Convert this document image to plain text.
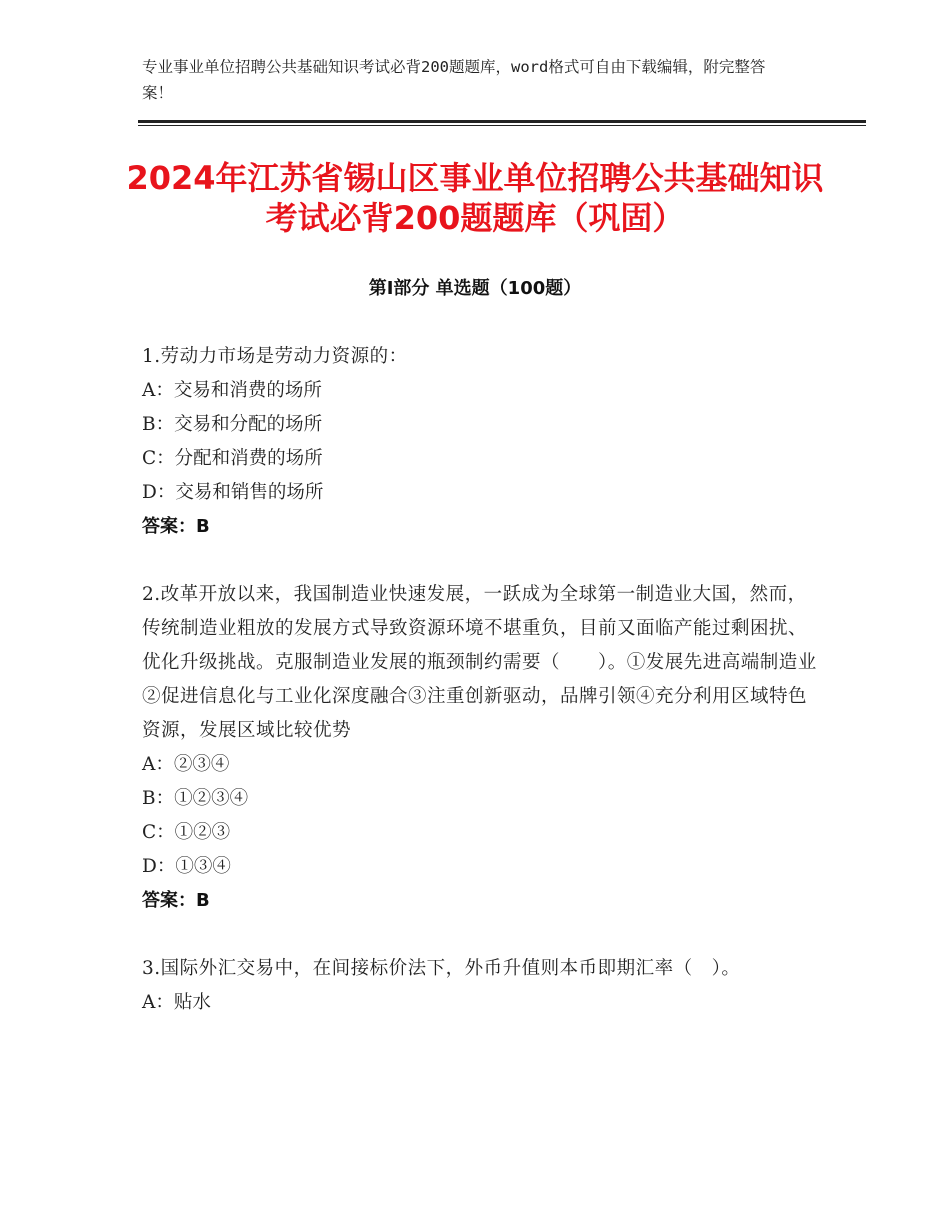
专业事业单位招聘公共基础知识考试必背200题题库，word格式可自由下载编辑，附完整答案！
2024年江苏省锡山区事业单位招聘公共基础知识考试必背200题题库（巩固）
第Ⅰ部分 单选题（100题）
1.劳动力市场是劳动力资源的：
A：交易和消费的场所
B：交易和分配的场所
C：分配和消费的场所
D：交易和销售的场所
答案：B
2.改革开放以来，我国制造业快速发展，一跃成为全球第一制造业大国，然而，传统制造业粗放的发展方式导致资源环境不堪重负，目前又面临产能过剩困扰、优化升级挑战。克服制造业发展的瓶颈制约需要（　　）。①发展先进高端制造业②促进信息化与工业化深度融合③注重创新驱动，品牌引领④充分利用区域特色资源，发展区域比较优势
A：②③④
B：①②③④
C：①②③
D：①③④
答案：B
3.国际外汇交易中，在间接标价法下，外币升值则本币即期汇率（　）。
A：贴水
